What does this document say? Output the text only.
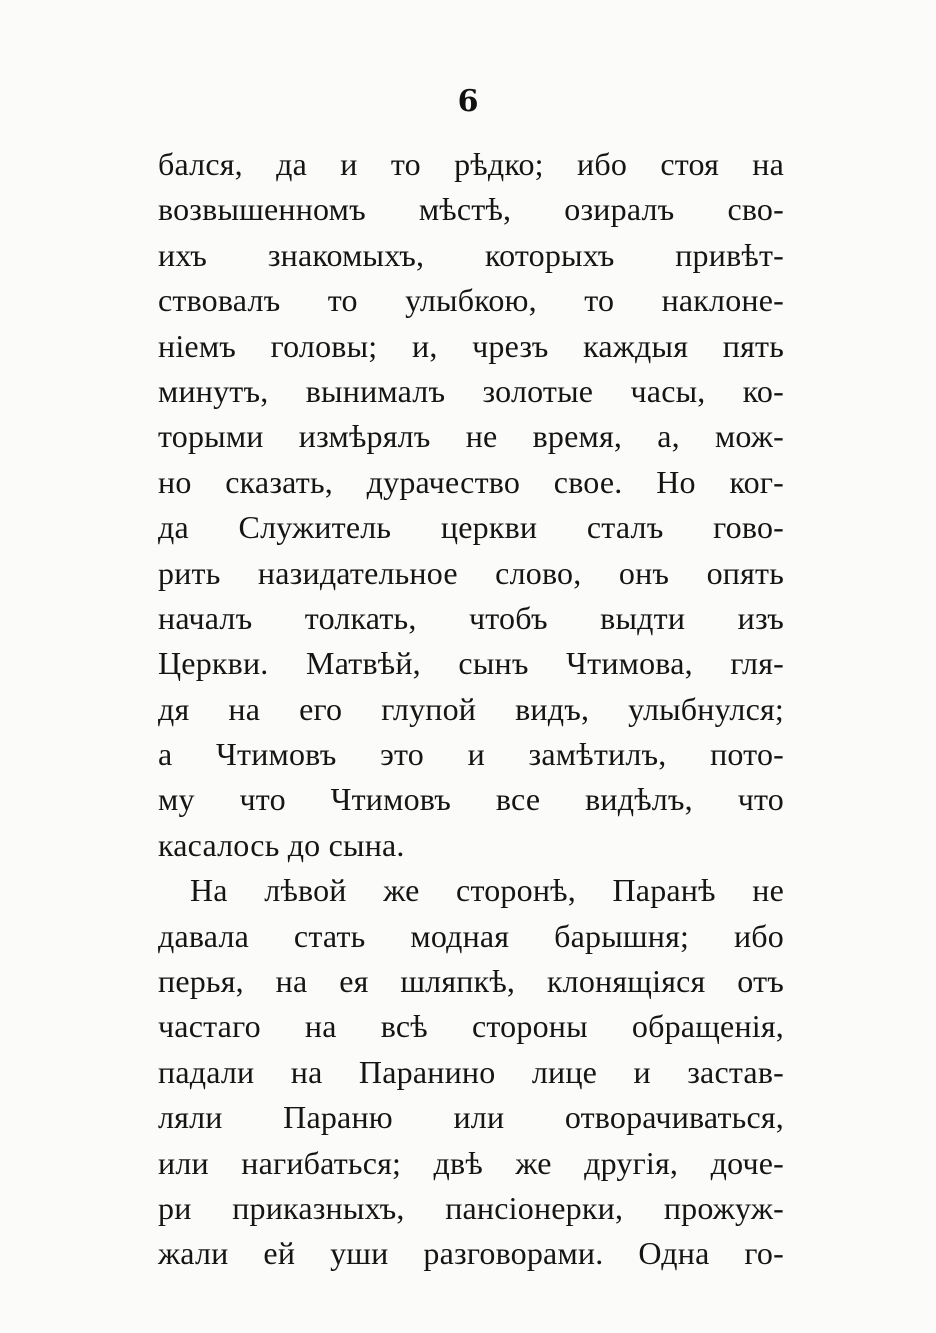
6
бался, да и то рѣдко; ибо стоя на
возвышенномъ мѣстѣ, озиралъ сво-
ихъ знакомыхъ, которыхъ привѣт-
ствовалъ то улыбкою, то наклоне-
нiемъ головы; и, чрезъ каждыя пять
минутъ, вынималъ золотые часы, ко-
торыми измѣрялъ не время, а, мож-
но сказать, дурачество свое. Но ког-
да Служитель церкви сталъ гово-
рить назидательное слово, онъ опять
началъ толкать, чтобъ выдти изъ
Церкви. Матвѣй, сынъ Чтимова, гля-
дя на его глупой видъ, улыбнулся;
а Чтимовъ это и замѣтилъ, пото-
му что Чтимовъ все видѣлъ, что
касалось до сына.
На лѣвой же сторонѣ, Паранѣ не
давала стать модная барышня; ибо
перья, на ея шляпкѣ, клонящiяся отъ
частаго на всѣ стороны обращенiя,
падали на Паранино лице и застав-
ляли Параню или отворачиваться,
или нагибаться; двѣ же другiя, доче-
ри приказныхъ, пансiонерки, прожуж-
жали ей уши разговорами. Одна го-
